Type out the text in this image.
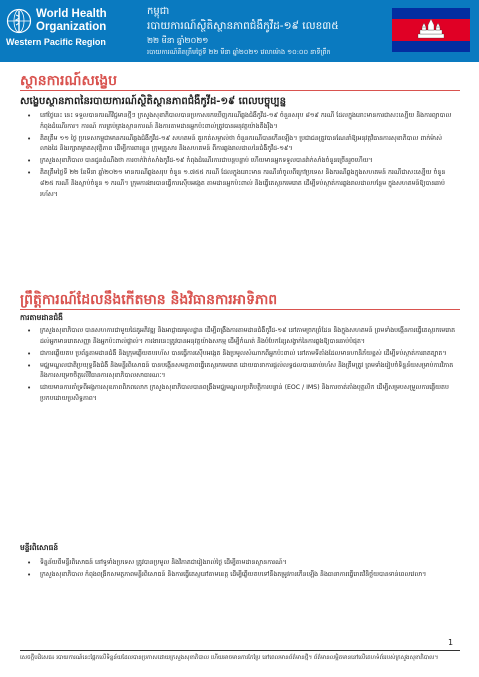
World Health
Organization
Western Pacific Region
កម្ពុជា
របាយការណ៍ស្ថិតិស្ថានភាពជំងឺកូវីដ-១៩ លេខ៣៥
២២ មីនា ឆ្នាំ២០២១
របាយការណ៍គិតត្រឹមថ្ងៃទី ២២ មីនា ឆ្នាំ២០២១ វេលាម៉ោង ១០:០០ នាទីព្រឹក
ស្ថានការណ៍សង្ខេប
សង្ខេបស្ថានភាពនៃរបាយការណ៍ស្ថិតិស្ថានភាពជំងឺកូវីដ-១៩ ពេលបច្ចុប្បន្ន
• នៅថ្ងៃនេះ នេះ ទទួលបានករណីវិជ្ជមានថ្មីៗ ក្រសួងសុខាភិបាលបានប្រកាសរកឃើញករណីឆ្លងជំងឺកូវីដ-១៩ ចំនួនសរុប ៨១៩ ករណី ដែលក្នុងនោះមានការជាសះស្បើយ និងការព្យាបាលកំពុងដំណើរការ។ ការណ៍ ការគ្រប់គ្រងស្ថានការណ៍ និងការតាមដានអ្នកប៉ះពាល់ត្រូវបានអនុវត្តយ៉ាងតឹងរ៉ឹង។
• គិតត្រឹម ១១ ថ្ងៃ ប្រទេសកម្ពុជាមានករណីឆ្លងជំងឺកូវីដ-១៩ សហគមន៍ គួរកត់សម្គាល់ថា ចំនួនករណីបានកើនឡើង។ ប្រជាជនត្រូវបានណែនាំឱ្យអនុវត្តវិធានការសុខាភិបាល ពាក់ម៉ាស់ លាងដៃ និងរក្សាគម្លាតសុវត្ថិភាព ដើម្បីការពារខ្លួន ក្រុមគ្រួសារ និងសហគមន៍ ពីការឆ្លងរាលដាលនៃជំងឺកូវីដ-១៩។
• ក្រសួងសុខាភិបាល បានជូនដំណឹងថា ការចាក់វ៉ាក់សាំងកូវីដ-១៩ កំពុងដំណើរការជាបន្តបន្ទាប់ ហើយមានអ្នកទទួលបានវ៉ាក់សាំងចំនួនច្រើនរួចហើយ។
• គិតត្រឹមថ្ងៃទី ២២ ខែមីនា ឆ្នាំ២០២១ មានករណីឆ្លងសរុប ចំនួន ១.៧៥៥ ករណី ដែលក្នុងនោះមាន ករណីនាំចូលពីក្រៅប្រទេស និងករណីឆ្លងក្នុងសហគមន៍ ករណីជាសះស្បើយ ចំនួន ៨២៥ ករណី និងស្លាប់ចំនួន ១ ករណី។ ក្រុមការងារបានធ្វើការស៊ើបអង្កេត តាមដានអ្នកប៉ះពាល់ និងធ្វើតេស្តរកមេរោគ ដើម្បីទប់ស្កាត់ការឆ្លងរាលដាលបន្ថែម ក្នុងសហគមន៍ឱ្យបានឆាប់រហ័ស។
ព្រឹត្តិការណ៍ដែលនឹងកើតមាន និងវិធានការអាទិភាព
ការតាមដានជំងឺ
• ក្រសួងសុខាភិបាល បានសហការជាមួយដៃគូអភិវឌ្ឍ និងអាជ្ញាធរមូលដ្ឋាន ដើម្បីពង្រឹងការតាមដានជំងឺកូវីដ-១៩ នៅតាមច្រកព្រំដែន និងក្នុងសហគមន៍ ព្រមទាំងបង្កើនការធ្វើតេស្តរកមេរោគដល់អ្នកមានរោគសញ្ញា និងអ្នកប៉ះពាល់ផ្ទាល់។ ការងារនេះត្រូវបានអនុវត្តយ៉ាងសកម្ម ដើម្បីកំណត់ និងបំបែកខ្សែសង្វាក់នៃការឆ្លងឱ្យបានឆាប់បំផុត។
• ជាការឆ្លើយតប ប្រព័ន្ធតាមដានជំងឺ និងក្រុមឆ្លើយតបរហ័ស បានធ្វើការស៊ើបអង្កេត និងប្រមូលសំណាកពីអ្នកប៉ះពាល់ នៅតាមទីតាំងដែលមានហានិភ័យខ្ពស់ ដើម្បីទប់ស្កាត់ការរាតត្បាត។
• មជ្ឈមណ្ឌលជាតិប្រយុទ្ធនឹងជំងឺ និងមន្ទីរពិសោធន៍ បានបង្កើនសមត្ថភាពធ្វើតេស្តរកមេរោគ ដោយធានាការផ្តល់លទ្ធផលបានឆាប់រហ័ស និងត្រឹមត្រូវ ព្រមទាំងរៀបចំទិន្នន័យសម្រាប់ការវិភាគ និងការសម្រេចចិត្តលើវិធានការសុខាភិបាលសាធារណៈ។
• ដោយមានការគាំទ្រពីអង្គការសុខភាពពិភពលោក ក្រសួងសុខាភិបាលបានពង្រឹងមជ្ឈមណ្ឌលប្រតិបត្តិការបន្ទាន់ (EOC / IMS) និងការចាត់តាំងបុគ្គលិក ដើម្បីសម្របសម្រួលការឆ្លើយតបប្រកបដោយប្រសិទ្ធភាព។
មន្ទីរពិសោធន៍
• ទិន្នន័យពីមន្ទីរពិសោធន៍ នៅទូទាំងប្រទេស ត្រូវបានប្រមូល និងវិភាគជារៀងរាល់ថ្ងៃ ដើម្បីតាមដានស្ថានការណ៍។
• ក្រសួងសុខាភិបាល កំពុងពង្រីកសមត្ថភាពមន្ទីរពិសោធន៍ និងការធ្វើតេស្តនៅតាមខេត្ត ដើម្បីឆ្លើយតបទៅនឹងតម្រូវការកើនឡើង និងធានាការធ្វើរោគវិនិច្ឆ័យបានទាន់ពេលវេលា។
1
សេចក្តីបដិសេធ៖ របាយការណ៍នេះផ្អែកលើទិន្នន័យដែលបានប្រកាសដោយក្រសួងសុខាភិបាល ហើយអាចមានការកែប្រែ នៅពេលមានព័ត៌មានថ្មី។ ព័ត៌មានលម្អិតមាននៅលើគេហទំព័ររបស់ក្រសួងសុខាភិបាល។
